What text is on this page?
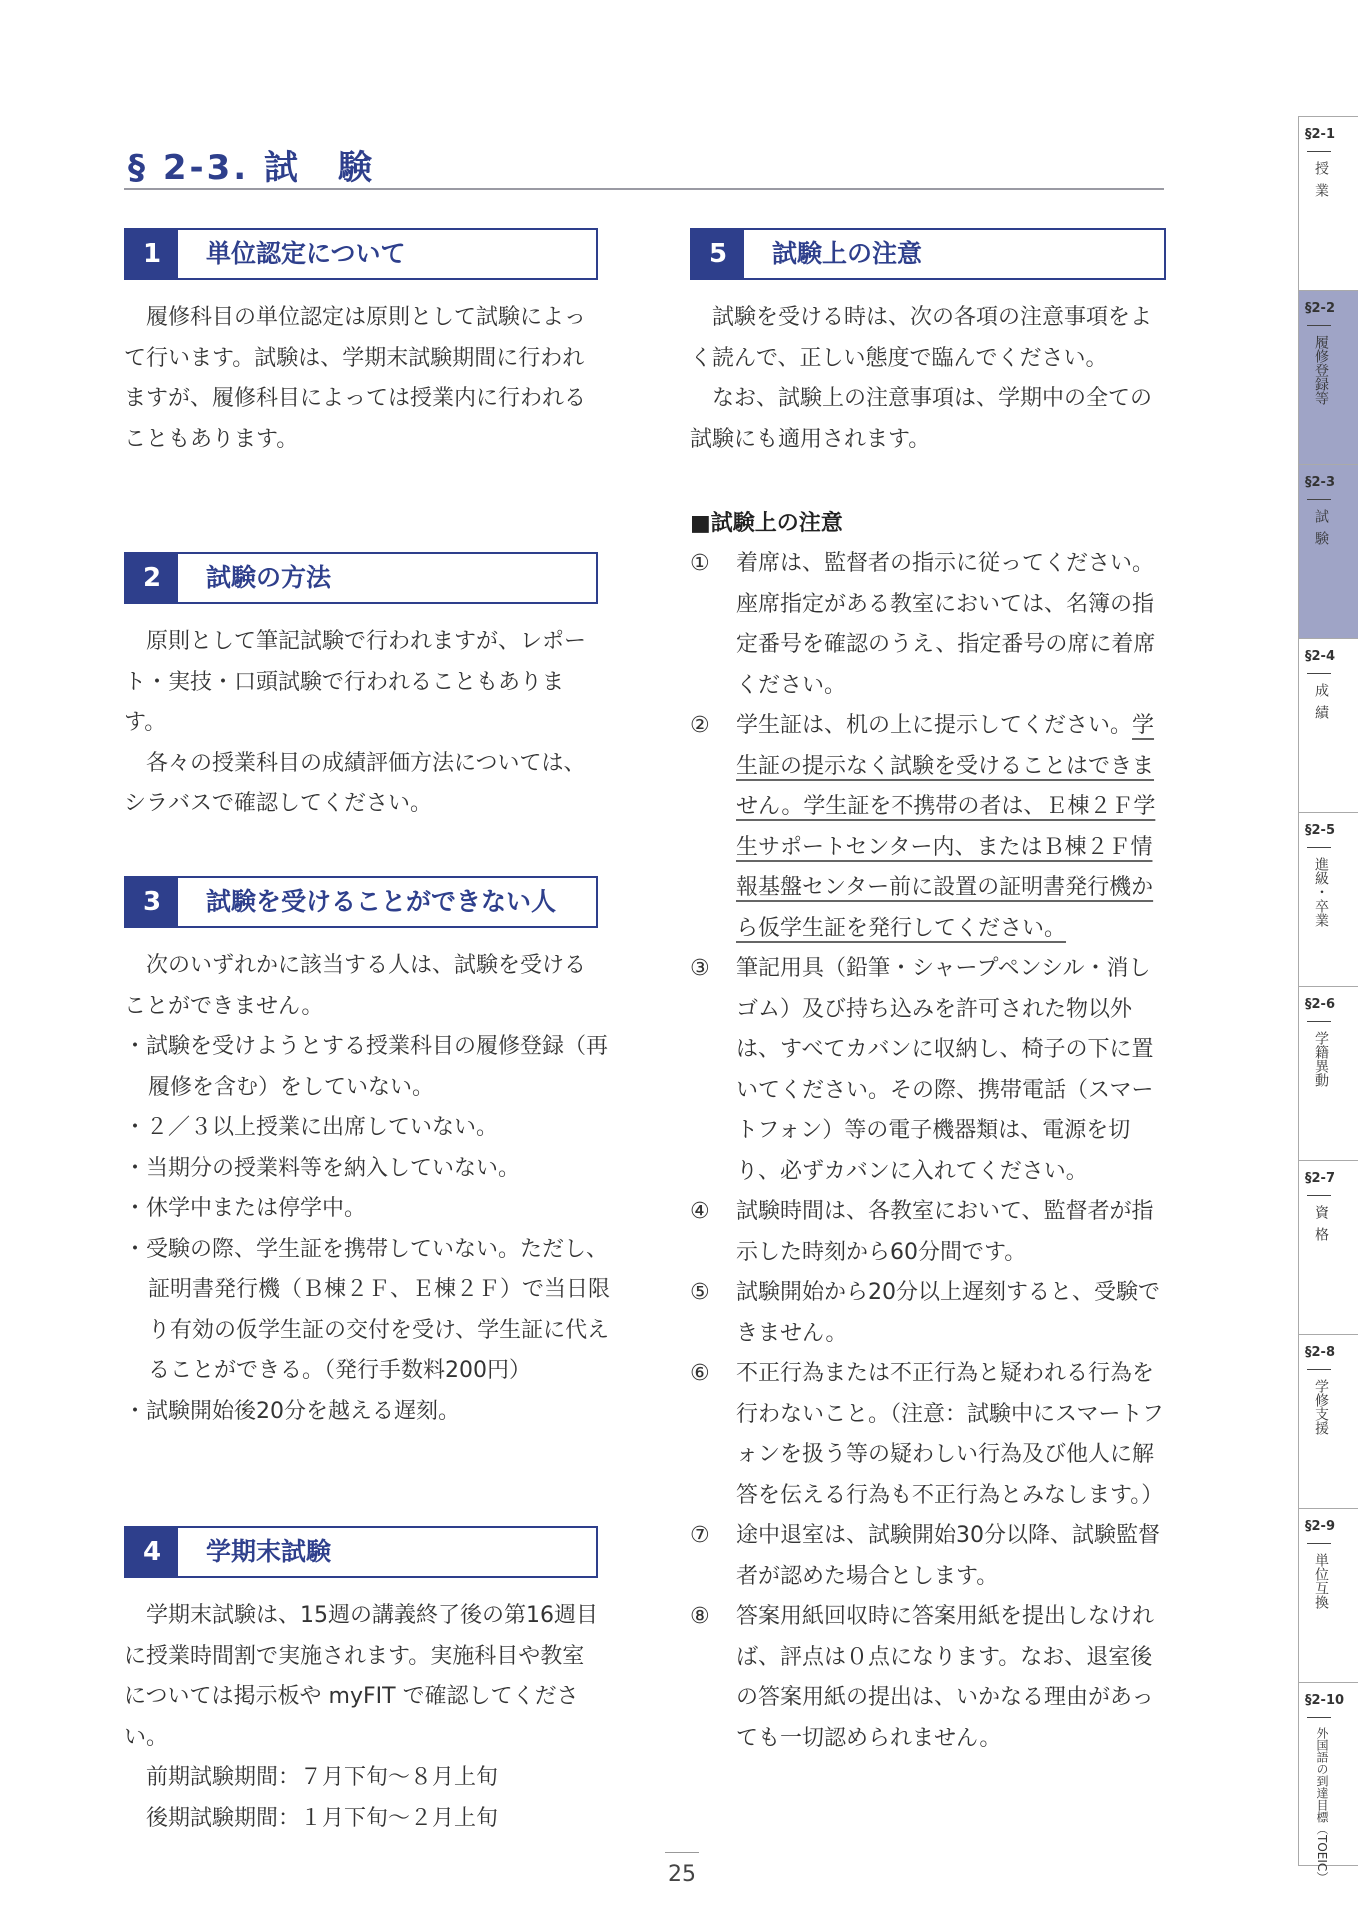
§ 2-3. 試　験
1	単位認定について

履修科目の単位認定は原則として試験によって行います。試験は、学期末試験期間に行われますが、履修科目によっては授業内に行われることもあります。

2	試験の方法

原則として筆記試験で行われますが、レポート・実技・口頭試験で行われることもあります。
各々の授業科目の成績評価方法については、シラバスで確認してください。

3	試験を受けることができない人

次のいずれかに該当する人は、試験を受けることができません。

・試験を受けようとする授業科目の履修登録（再履修を含む）をしていない。
・２／３以上授業に出席していない。
・当期分の授業料等を納入していない。
・休学中または停学中。
・受験の際、学生証を携帯していない。ただし、証明書発行機（Ｂ棟２Ｆ、Ｅ棟２Ｆ）で当日限り有効の仮学生証の交付を受け、学生証に代えることができる。（発行手数料200円）
・試験開始後20分を越える遅刻。
4	学期末試験

学期末試験は、15週の講義終了後の第16週目に授業時間割で実施されます。実施科目や教室については掲示板や myFIT で確認してください。

前期試験期間：７月下旬～８月上旬
後期試験期間：１月下旬～２月上旬
5	試験上の注意

試験を受ける時は、次の各項の注意事項をよく読んで、正しい態度で臨んでください。
なお、試験上の注意事項は、学期中の全ての試験にも適用されます。

■試験上の注意
① 着席は、監督者の指示に従ってください。座席指定がある教室においては、名簿の指定番号を確認のうえ、指定番号の席に着席ください。
② 学生証は、机の上に提示してください。学生証の提示なく試験を受けることはできません。学生証を不携帯の者は、Ｅ棟２Ｆ学生サポートセンター内、またはＢ棟２Ｆ情報基盤センター前に設置の証明書発行機から仮学生証を発行してください。
③ 筆記用具（鉛筆・シャープペンシル・消しゴム）及び持ち込みを許可された物以外は、すべてカバンに収納し、椅子の下に置いてください。その際、携帯電話（スマートフォン）等の電子機器類は、電源を切り、必ずカバンに入れてください。
④ 試験時間は、各教室において、監督者が指示した時刻から60分間です。
⑤ 試験開始から20分以上遅刻すると、受験できません。
⑥ 不正行為または不正行為と疑われる行為を行わないこと。（注意：試験中にスマートフォンを扱う等の疑わしい行為及び他人に解答を伝える行為も不正行為とみなします。）
⑦ 途中退室は、試験開始30分以降、試験監督者が認めた場合とします。
⑧ 答案用紙回収時に答案用紙を提出しなければ、評点は０点になります。なお、退室後の答案用紙の提出は、いかなる理由があっても一切認められません。
§2-1
授業
§2-2
履修登録等
§2-3
試験
§2-4
成績
§2-5
進級・卒業
§2-6
学籍異動
§2-7
資格
§2-8
学修支援
§2-9
単位互換
§2-10
外国語の到達目標（TOEIC）
25
